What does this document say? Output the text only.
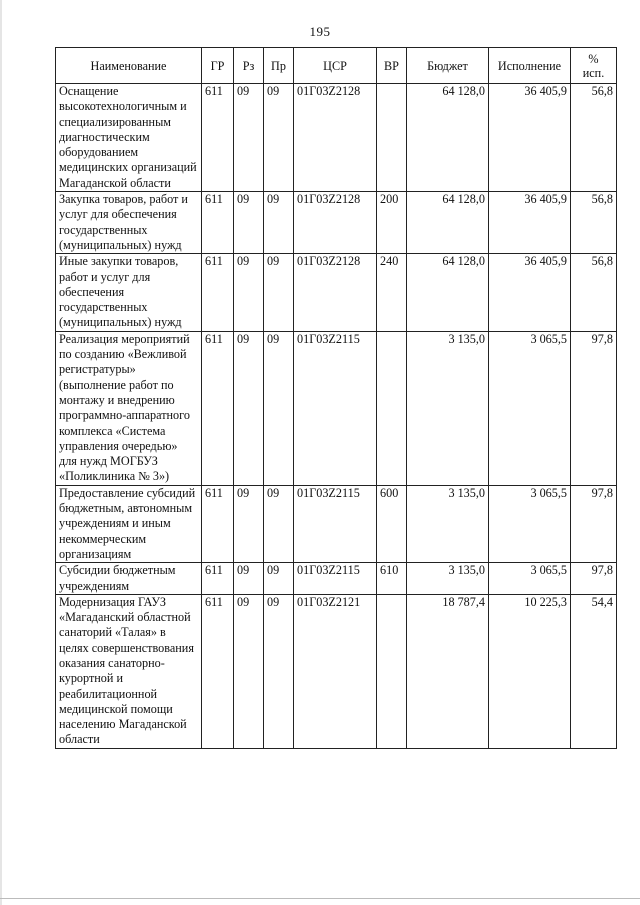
195
Наименование	ГР	Рз	Пр	ЦСР	ВР	Бюджет	Исполнение	%
исп.

Оснащение высокотехнологичным и специализированным диагностическим оборудованием медицинских организаций Магаданской области	611	09	09	01Г03Z2128		64 128,0	36 405,9	56,8
Закупка товаров, работ и услуг для обеспечения государственных (муниципальных) нужд	611	09	09	01Г03Z2128	200	64 128,0	36 405,9	56,8
Иные закупки товаров, работ и услуг для обеспечения государственных (муниципальных) нужд	611	09	09	01Г03Z2128	240	64 128,0	36 405,9	56,8
Реализация мероприятий по созданию «Вежливой регистратуры» (выполнение работ по монтажу и внедрению программно-аппаратного комплекса «Система управления очередью» для нужд МОГБУЗ «Поликлиника № 3»)	611	09	09	01Г03Z2115		3 135,0	3 065,5	97,8
Предоставление субсидий бюджетным, автономным учреждениям и иным некоммерческим организациям	611	09	09	01Г03Z2115	600	3 135,0	3 065,5	97,8
Субсидии бюджетным учреждениям	611	09	09	01Г03Z2115	610	3 135,0	3 065,5	97,8
Модернизация ГАУЗ «Магаданский областной санаторий «Талая» в целях совершенствования оказания санаторно-курортной и реабилитационной медицинской помощи населению Магаданской области	611	09	09	01Г03Z2121		18 787,4	10 225,3	54,4
